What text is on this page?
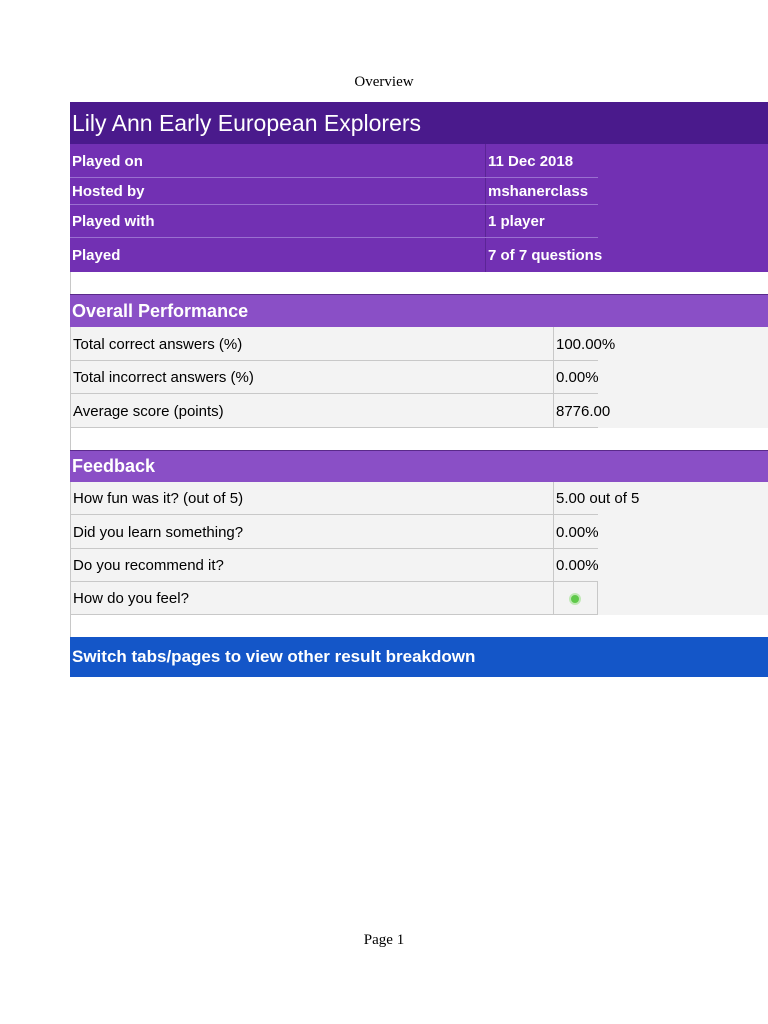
Overview
Lily Ann Early European Explorers
Played on	11 Dec 2018
Hosted by	mshanerclass
Played with	1 player
Played	7 of 7 questions
Overall Performance
Total correct answers (%)	100.00%
Total incorrect answers (%)	0.00%
Average score (points)	8776.00
Feedback
How fun was it? (out of 5)	5.00 out of 5
Did you learn something?	0.00%
Do you recommend it?	0.00%
How do you feel?
Switch tabs/pages to view other result breakdown
Page 1
